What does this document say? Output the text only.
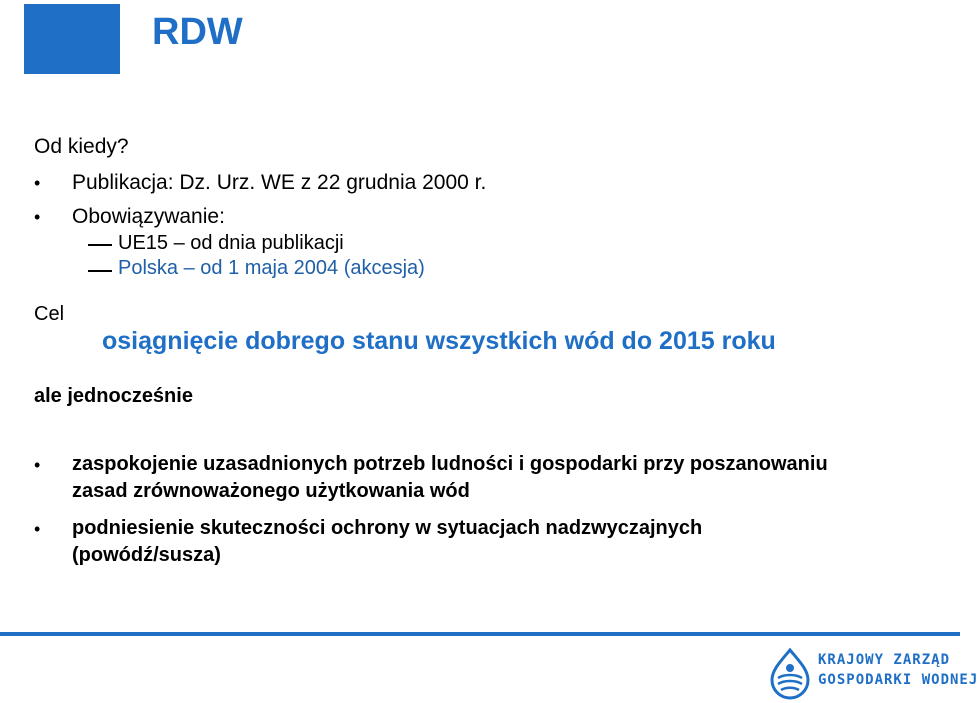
RDW
Od kiedy?
• Publikacja: Dz. Urz. WE z 22 grudnia 2000 r.
• Obowiązywanie:
UE15 – od dnia publikacji
Polska – od 1 maja 2004 (akcesja)
Cel
osiągnięcie dobrego stanu wszystkich wód do 2015 roku
ale jednocześnie
• zaspokojenie uzasadnionych potrzeb ludności i gospodarki przy poszanowaniu
zasad zrównoważonego użytkowania wód
• podniesienie skuteczności ochrony w sytuacjach nadzwyczajnych
(powódź/susza)
KRAJOWY ZARZĄD
GOSPODARKI WODNEJ
